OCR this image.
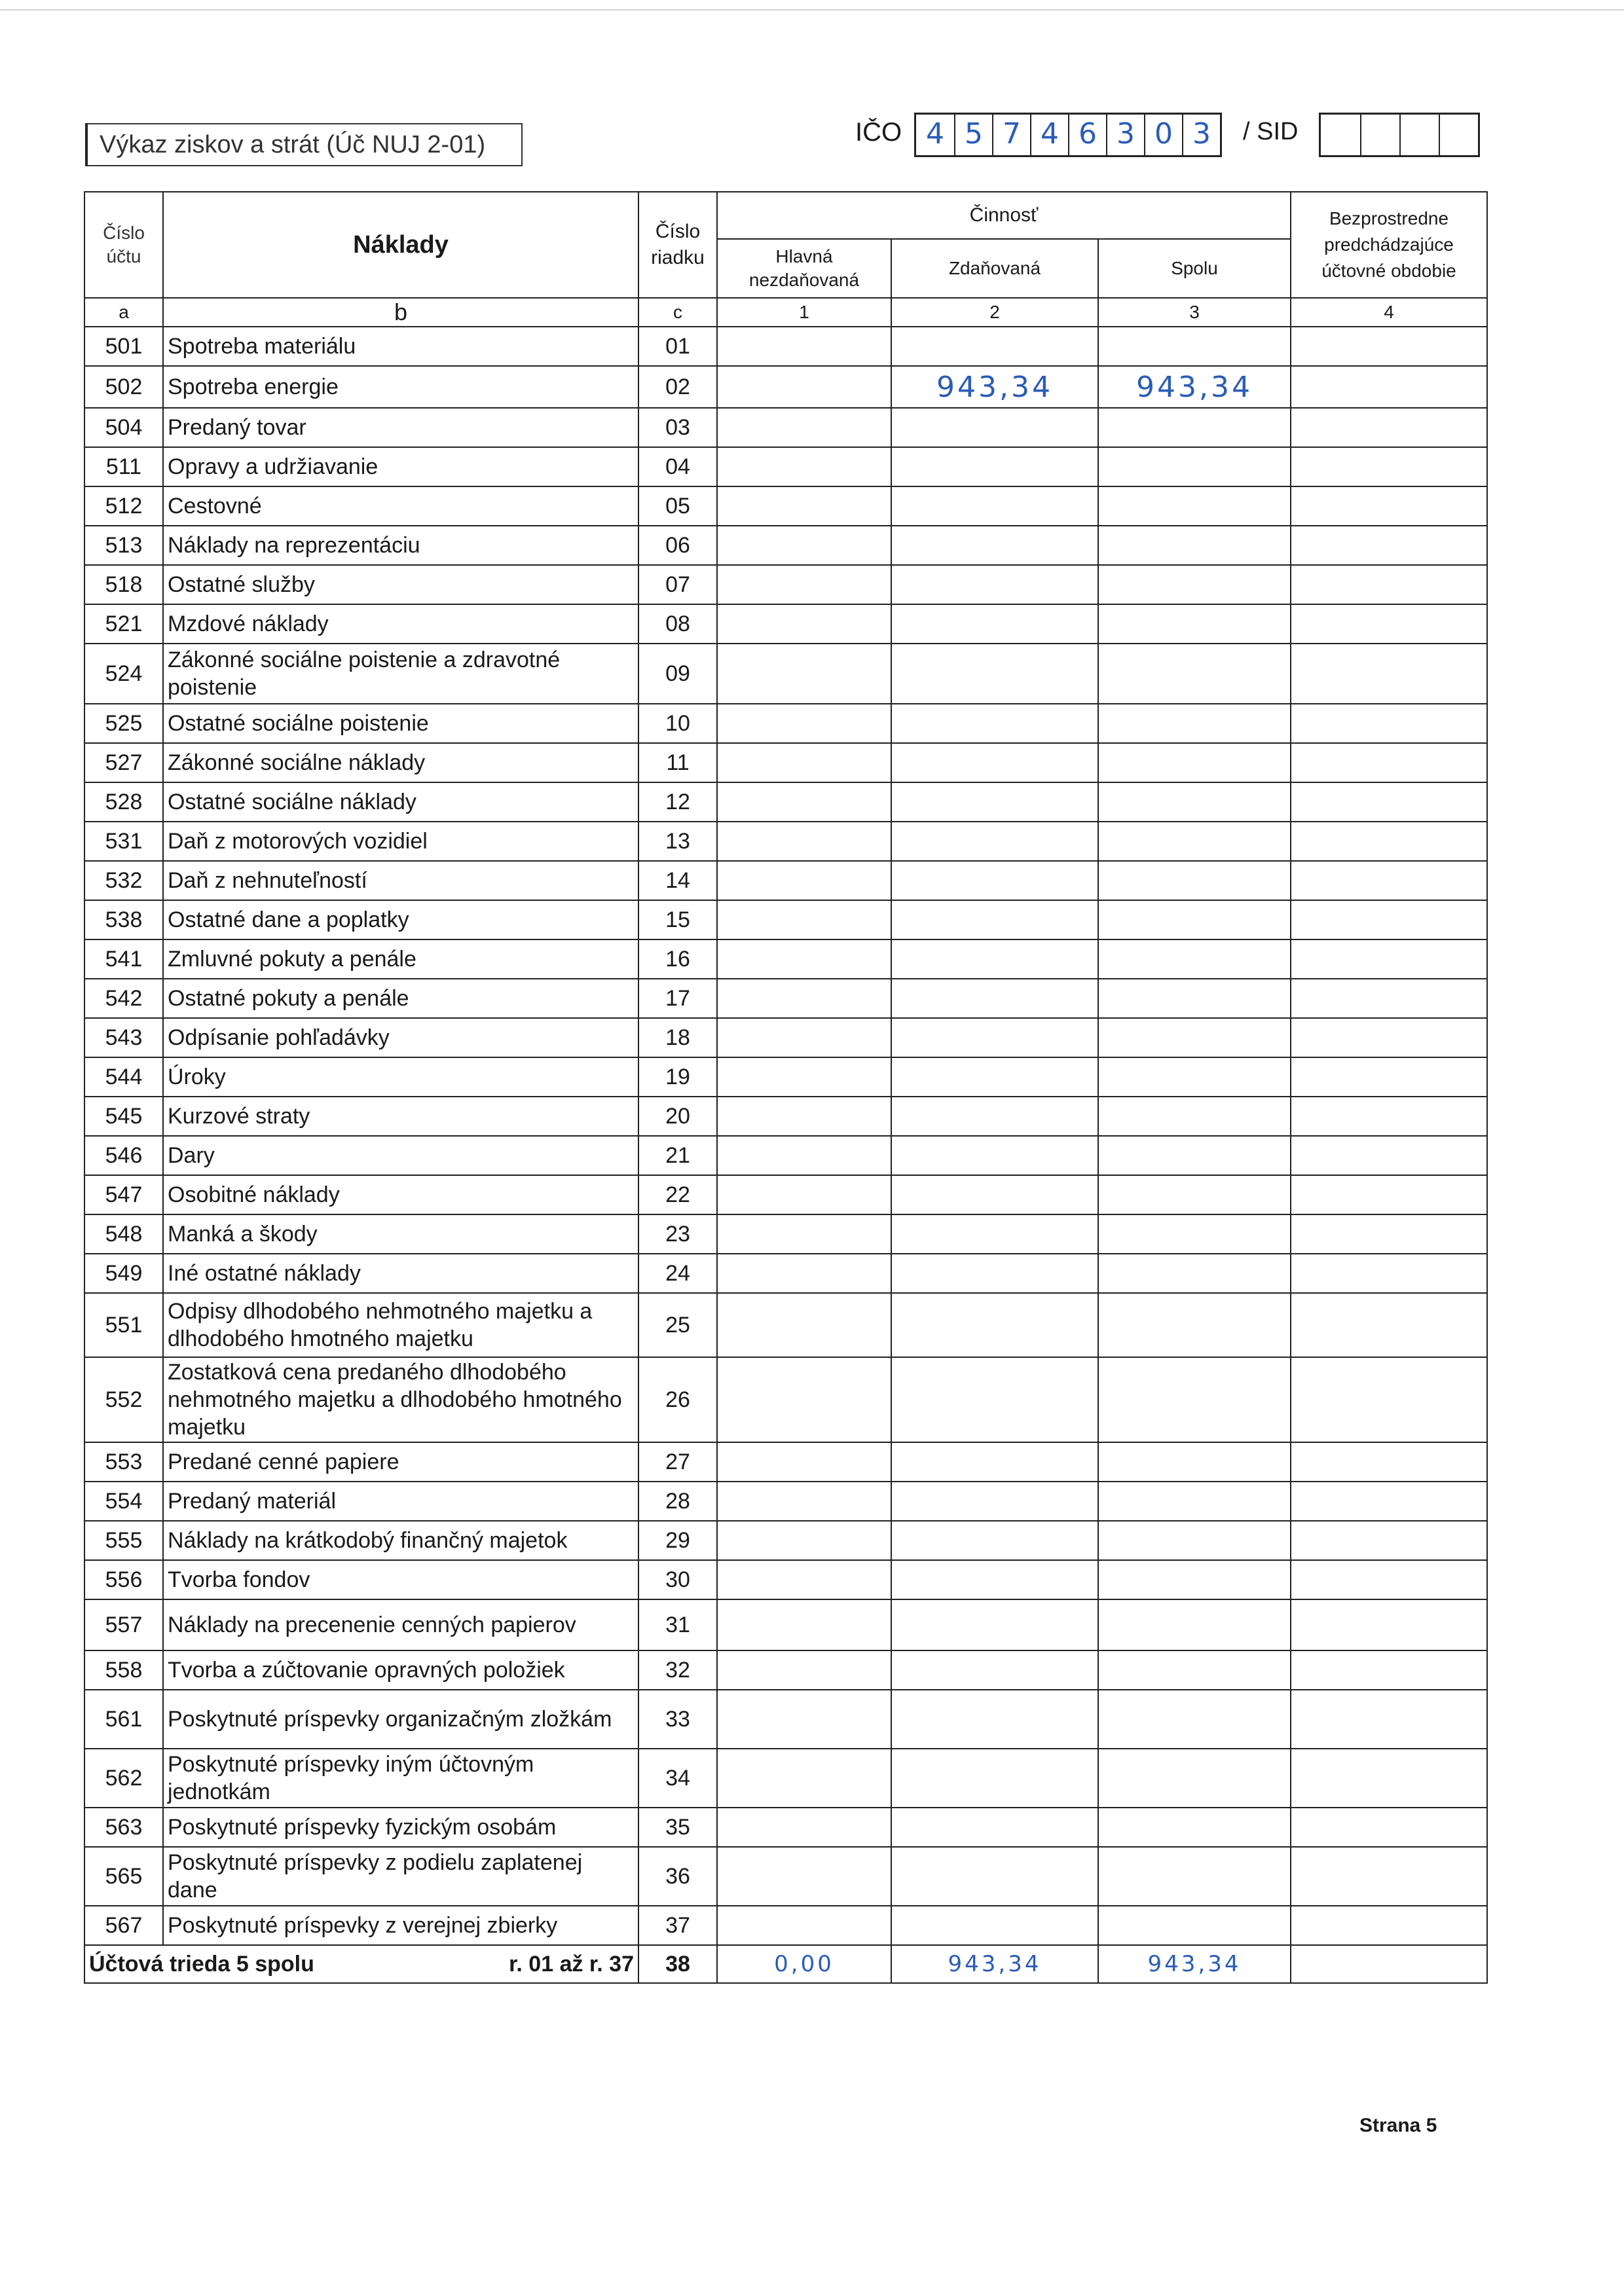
Výkaz ziskov a strát (Úč NUJ 2-01)	IČO 4 5 7 4 6 3 0 3	/ SID
Číslo účtu	Náklady	Číslo riadku	Činnosť			Bezprostredne predchádzajúce účtovné obdobie
			Hlavná nezdaňovaná	Zdaňovaná	Spolu	
a	b	c	1	2	3	4
501	Spotreba materiálu	01				
502	Spotreba energie	02		943,34	943,34	
504	Predaný tovar	03				
511	Opravy a udržiavanie	04				
512	Cestovné	05				
513	Náklady na reprezentáciu	06				
518	Ostatné služby	07				
521	Mzdové náklady	08				
524	Zákonné sociálne poistenie a zdravotné poistenie	09				
525	Ostatné sociálne poistenie	10				
527	Zákonné sociálne náklady	11				
528	Ostatné sociálne náklady	12				
531	Daň z motorových vozidiel	13				
532	Daň z nehnuteľností	14				
538	Ostatné dane a poplatky	15				
541	Zmluvné pokuty a penále	16				
542	Ostatné pokuty a penále	17				
543	Odpísanie pohľadávky	18				
544	Úroky	19				
545	Kurzové straty	20				
546	Dary	21				
547	Osobitné náklady	22				
548	Manká a škody	23				
549	Iné ostatné náklady	24				
551	Odpisy dlhodobého nehmotného majetku a dlhodobého hmotného majetku	25				
552	Zostatková cena predaného dlhodobého nehmotného majetku a dlhodobého hmotného majetku	26				
553	Predané cenné papiere	27				
554	Predaný materiál	28				
555	Náklady na krátkodobý finančný majetok	29				
556	Tvorba fondov	30				
557	Náklady na precenenie cenných papierov	31				
558	Tvorba a zúčtovanie opravných položiek	32				
561	Poskytnuté príspevky organizačným zložkám	33				
562	Poskytnuté príspevky iným účtovným jednotkám	34				
563	Poskytnuté príspevky fyzickým osobám	35				
565	Poskytnuté príspevky z podielu zaplatenej dane	36				
567	Poskytnuté príspevky z verejnej zbierky	37				

Účtová trieda 5 spolu r. 01 až r. 37		38	0,00	943,34	943,34	
Strana 5
